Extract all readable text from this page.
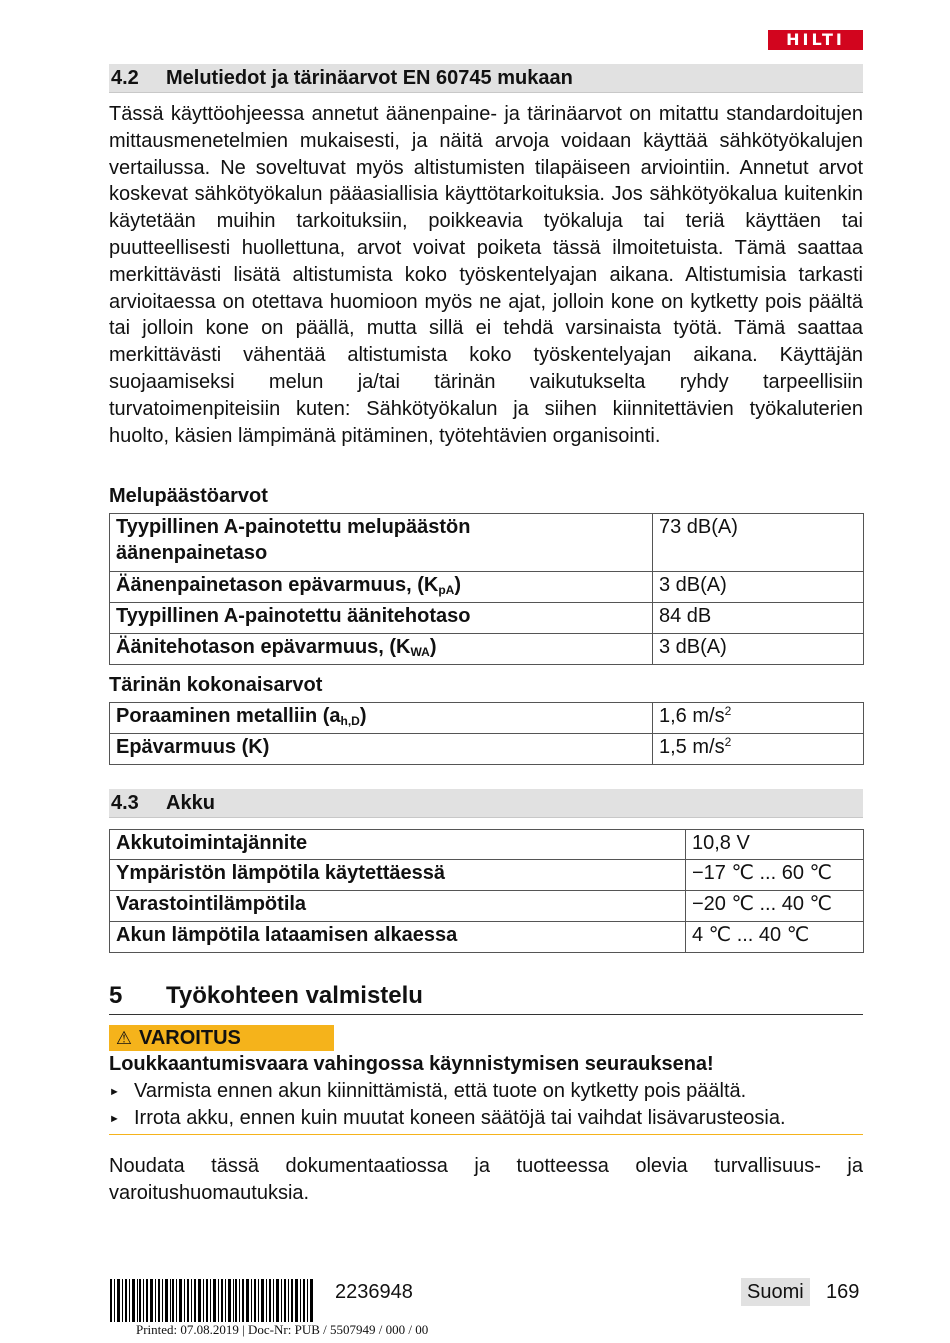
HILTI
4.2 Melutiedot ja tärinäarvot EN 60745 mukaan
Tässä käyttöohjeessa annetut äänenpaine- ja tärinäarvot on mitattu standardoitujen mittausmenetelmien mukaisesti, ja näitä arvoja voidaan käyttää sähkötyökalujen vertailussa. Ne soveltuvat myös altistumisten tilapäiseen arviointiin. Annetut arvot koskevat sähkötyökalun pääasiallisia käyttötarkoituksia. Jos sähkötyökalua kuitenkin käytetään muihin tarkoituksiin, poikkeavia työkaluja tai teriä käyttäen tai puutteellisesti huollettuna, arvot voivat poiketa tässä ilmoitetuista. Tämä saattaa merkittävästi lisätä altistumista koko työskentelyajan aikana. Altistumisia tarkasti arvioitaessa on otettava huomioon myös ne ajat, jolloin kone on kytketty pois päältä tai jolloin kone on päällä, mutta sillä ei tehdä varsinaista työtä. Tämä saattaa merkittävästi vähentää altistumista koko työskentelyajan aikana. Käyttäjän suojaamiseksi melun ja/tai tärinän vaikutukselta ryhdy tarpeellisiin turvatoimenpiteisiin kuten: Sähkötyökalun ja siihen kiinnitettävien työkaluterien huolto, käsien lämpimänä pitäminen, työtehtävien organisointi.
Melupäästöarvot
Tyypillinen A-painotettu melupäästön äänenpainetaso	73 dB(A)
Äänenpainetason epävarmuus, $(K_{pA})$	3 dB(A)
Tyypillinen A-painotettu äänitehotaso	84 dB
Äänitehotason epävarmuus, $(K_{WA})$	3 dB(A)
Tärinän kokonaisarvot
Poraaminen metalliin $(a_{h,D})$	1,6 $m/s^2$
Epävarmuus (K)	1,5 $m/s^2$
4.3 Akku
Akkutoimintajännite	10,8 V
Ympäristön lämpötila käytettäessä	−17 ℃ ... 60 ℃
Varastointilämpötila	−20 ℃ ... 40 ℃
Akun lämpötila lataamisen alkaessa	4 ℃ ... 40 ℃
5 Työkohteen valmistelu
⚠ VAROITUS
Loukkaantumisvaara vahingossa käynnistymisen seurauksena!
► Varmista ennen akun kiinnittämistä, että tuote on kytketty pois päältä.
► Irrota akku, ennen kuin muutat koneen säätöjä tai vaihdat lisävarusteosia.
Noudata tässä dokumentaatiossa ja tuotteessa olevia turvallisuus- ja varoitushuomautuksia.
2236948	Suomi	169
Printed: 07.08.2019 | Doc-Nr: PUB / 5507949 / 000 / 00
